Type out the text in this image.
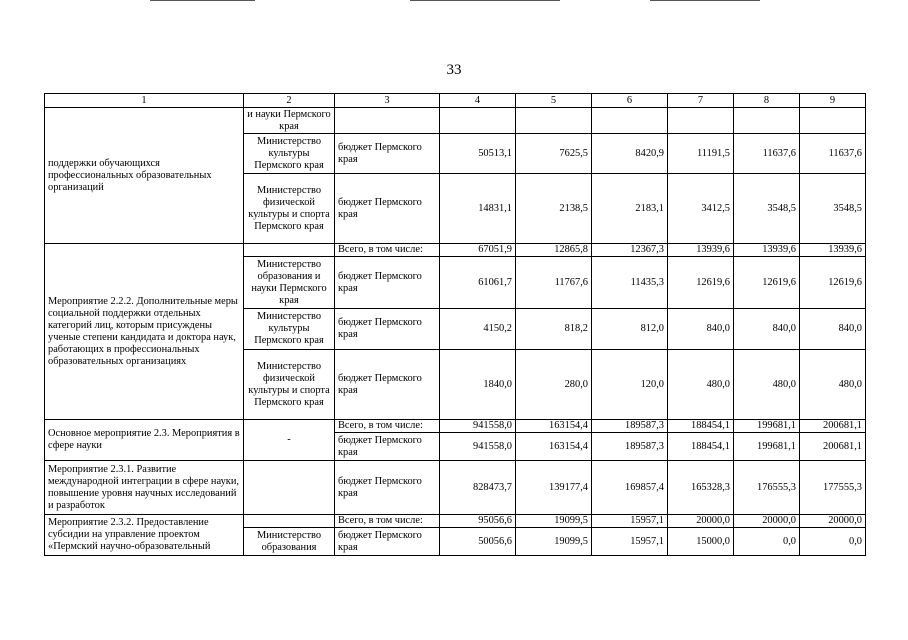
33
1	2	3	4	5	6	7	8	9
поддержки обучающихся профессиональных образовательных организаций	и науки Пермского края							
	Министерство культуры Пермского края	бюджет Пермского края	50513,1	7625,5	8420,9	11191,5	11637,6	11637,6
	Министерство физической культуры и спорта Пермского края	бюджет Пермского края	14831,1	2138,5	2183,1	3412,5	3548,5	3548,5
Мероприятие 2.2.2. Дополнительные меры социальной поддержки отдельных категорий лиц, которым присуждены ученые степени кандидата и доктора наук, работающих в профессиональных образовательных организациях		Всего, в том числе:	67051,9	12865,8	12367,3	13939,6	13939,6	13939,6
	Министерство образования и науки Пермского края	бюджет Пермского края	61061,7	11767,6	11435,3	12619,6	12619,6	12619,6
	Министерство культуры Пермского края	бюджет Пермского края	4150,2	818,2	812,0	840,0	840,0	840,0
	Министерство физической культуры и спорта Пермского края	бюджет Пермского края	1840,0	280,0	120,0	480,0	480,0	480,0
Основное мероприятие 2.3. Мероприятия в сфере науки	-	Всего, в том числе:	941558,0	163154,4	189587,3	188454,1	199681,1	200681,1
		бюджет Пермского края	941558,0	163154,4	189587,3	188454,1	199681,1	200681,1
Мероприятие 2.3.1. Развитие международной интеграции в сфере науки, повышение уровня научных исследований и разработок		бюджет Пермского края	828473,7	139177,4	169857,4	165328,3	176555,3	177555,3
Мероприятие 2.3.2. Предоставление субсидии на управление проектом «Пермский научно-образовательный		Всего, в том числе:	95056,6	19099,5	15957,1	20000,0	20000,0	20000,0
	Министерство образования	бюджет Пермского края	50056,6	19099,5	15957,1	15000,0	0,0	0,0
